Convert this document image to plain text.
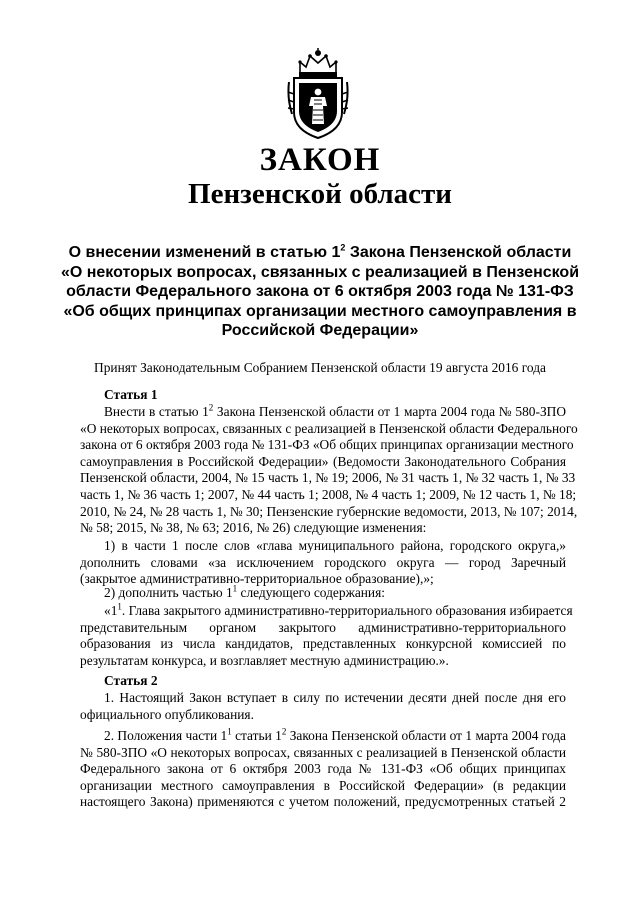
ЗАКОН
Пензенской области
О внесении изменений в статью $1^2$ Закона Пензенской области
«О некоторых вопросах, связанных с реализацией в Пензенской
области Федерального закона от 6 октября 2003 года № 131-ФЗ
«Об общих принципах организации местного самоуправления в
Российской Федерации»
Принят Законодательным Собранием Пензенской области 19 августа 2016 года
Статья 1
Внести в статью $1^2$ Закона Пензенской области от 1 марта 2004 года № 580-ЗПО
«О некоторых вопросах, связанных с реализацией в Пензенской области Федерального
закона от 6 октября 2003 года № 131-ФЗ «Об общих принципах организации местного
самоуправления в Российской Федерации» (Ведомости Законодательного Собрания
Пензенской области, 2004, № 15 часть 1, № 19; 2006, № 31 часть 1, № 32 часть 1, № 33
часть 1, № 36 часть 1; 2007, № 44 часть 1; 2008, № 4 часть 1; 2009, № 12 часть 1, № 18;
2010, № 24, № 28 часть 1, № 30; Пензенские губернские ведомости, 2013, № 107; 2014,
№ 58; 2015, № 38, № 63; 2016, № 26) следующие изменения:
1) в части 1 после слов «глава муниципального района, городского округа,»
дополнить словами «за исключением городского округа — город Заречный
(закрытое административно-территориальное образование),»;
2) дополнить частью $1^1$ следующего содержания:
«$1^1$. Глава закрытого административно-территориального образования избирается
представительным органом закрытого административно-территориального
образования из числа кандидатов, представленных конкурсной комиссией по
результатам конкурса, и возглавляет местную администрацию.».
Статья 2
1. Настоящий Закон вступает в силу по истечении десяти дней после дня его
официального опубликования.
2. Положения части $1^1$ статьи $1^2$ Закона Пензенской области от 1 марта 2004 года
№ 580-ЗПО «О некоторых вопросах, связанных с реализацией в Пензенской области
Федерального закона от 6 октября 2003 года № 131-ФЗ «Об общих принципах
организации местного самоуправления в Российской Федерации» (в редакции
настоящего Закона) применяются с учетом положений, предусмотренных статьей 2
